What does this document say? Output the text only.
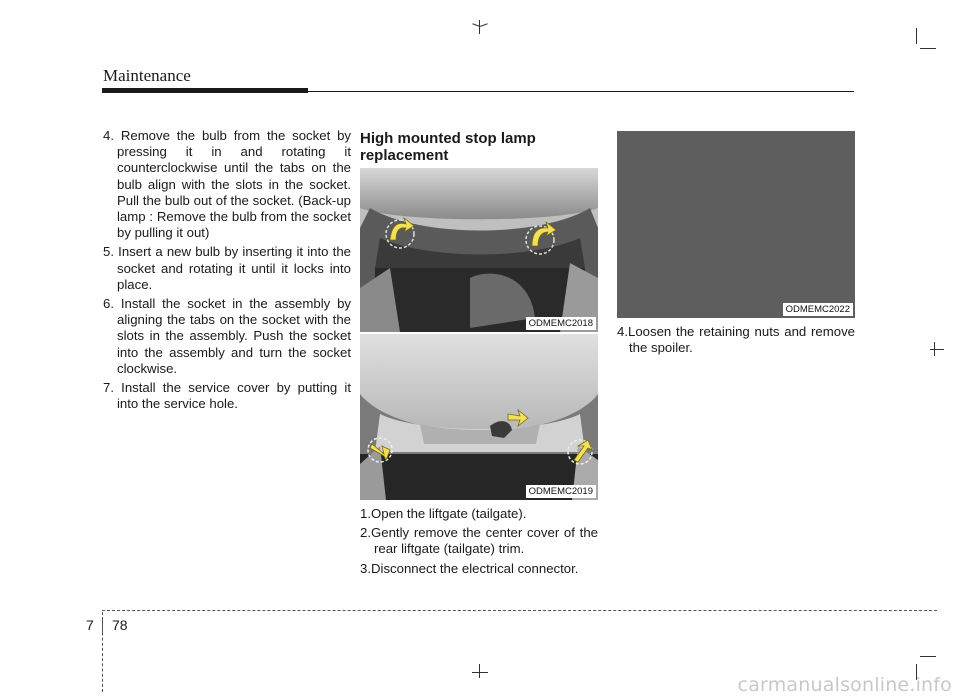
Maintenance
4. Remove the bulb from the socket by pressing it in and rotating it counterclockwise until the tabs on the bulb align with the slots in the socket. Pull the bulb out of the socket. (Back-up lamp : Remove the bulb from the socket by pulling it out)
5. Insert a new bulb by inserting it into the socket and rotating it until it locks into place.
6. Install the socket in the assembly by aligning the tabs on the socket with the slots in the assembly. Push the socket into the assembly and turn the socket clockwise.
7. Install the service cover by putting it into the service hole.
High mounted stop lamp replacement
ODMEMC2018
ODMEMC2019
1.Open the liftgate (tailgate).
2.Gently remove the center cover of the rear liftgate (tailgate) trim.
3.Disconnect the electrical connector.
ODMEMC2022
4.Loosen the retaining nuts and remove the spoiler.
7 78
carmanualsonline.info
